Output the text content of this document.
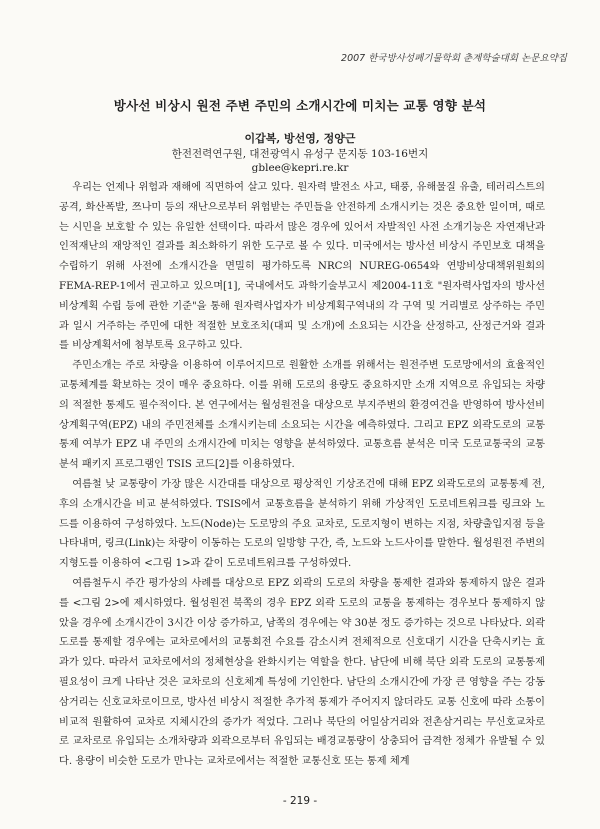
2007 한국방사성폐기물학회 춘계학술대회 논문요약집
방사선 비상시 원전 주변 주민의 소개시간에 미치는 교통 영향 분석
이갑복, 방선영, 정양근
한전전력연구원, 대전광역시 유성구 문지동 103-16번지
gblee@kepri.re.kr

우리는 언제나 위험과 재해에 직면하여 살고 있다. 원자력 발전소 사고, 태풍, 유해물질 유출, 테러리스트의 공격, 화산폭발, 쯔나미 등의 재난으로부터 위험받는 주민들을 안전하게 소개시키는 것은 중요한 일이며, 때로는 시민을 보호할 수 있는 유일한 선택이다. 따라서 많은 경우에 있어서 자발적인 사전 소개기능은 자연재난과 인적재난의 재앙적인 결과를 최소화하기 위한 도구로 볼 수 있다. 미국에서는 방사선 비상시 주민보호 대책을 수립하기 위해 사전에 소개시간을 면밀히 평가하도록 NRC의 NUREG-0654와 연방비상대책위원회의 FEMA-REP-1에서 권고하고 있으며[1], 국내에서도 과학기술부고시 제2004-11호 "원자력사업자의 방사선 비상계획 수립 등에 관한 기준"을 통해 원자력사업자가 비상계획구역내의 각 구역 및 거리별로 상주하는 주민과 일시 거주하는 주민에 대한 적절한 보호조치(대피 및 소개)에 소요되는 시간을 산정하고, 산정근거와 결과를 비상계획서에 첨부토록 요구하고 있다.

주민소개는 주로 차량을 이용하여 이루어지므로 원활한 소개를 위해서는 원전주변 도로망에서의 효율적인 교통체계를 확보하는 것이 매우 중요하다. 이를 위해 도로의 용량도 중요하지만 소개 지역으로 유입되는 차량의 적절한 통제도 필수적이다. 본 연구에서는 월성원전을 대상으로 부지주변의 환경여건을 반영하여 방사선비상계획구역(EPZ) 내의 주민전체를 소개시키는데 소요되는 시간을 예측하였다. 그리고 EPZ 외곽도로의 교통통제 여부가 EPZ 내 주민의 소개시간에 미치는 영향을 분석하였다. 교통흐름 분석은 미국 도로교통국의 교통분석 패키지 프로그램인 TSIS 코드[2]를 이용하였다.

여름철 낮 교통량이 가장 많은 시간대를 대상으로 평상적인 기상조건에 대해 EPZ 외곽도로의 교통통제 전, 후의 소개시간을 비교 분석하였다. TSIS에서 교통흐름을 분석하기 위해 가상적인 도로네트워크를 링크와 노드를 이용하여 구성하였다. 노드(Node)는 도로망의 주요 교차로, 도로지형이 변하는 지점, 차량출입지점 등을 나타내며, 링크(Link)는 차량이 이동하는 도로의 일방향 구간, 즉, 노드와 노드사이를 말한다. 월성원전 주변의 지형도를 이용하여 <그림 1>과 같이 도로네트워크를 구성하였다.

여름철두시 주간 평가상의 사례를 대상으로 EPZ 외곽의 도로의 차량을 통제한 결과와 통제하지 않은 결과를 <그림 2>에 제시하였다. 월성원전 북쪽의 경우 EPZ 외곽 도로의 교통을 통제하는 경우보다 통제하지 않았을 경우에 소개시간이 3시간 이상 증가하고, 남쪽의 경우에는 약 30분 정도 증가하는 것으로 나타났다. 외곽도로를 통제할 경우에는 교차로에서의 교통회전 수요를 감소시켜 전체적으로 신호대기 시간을 단축시키는 효과가 있다. 따라서 교차로에서의 정체현상을 완화시키는 역할을 한다. 남단에 비해 북단 외곽 도로의 교통통제 필요성이 크게 나타난 것은 교차로의 신호체계 특성에 기인한다. 남단의 소개시간에 가장 큰 영향을 주는 강동삼거리는 신호교차로이므로, 방사선 비상시 적절한 추가적 통제가 주어지지 않더라도 교통 신호에 따라 소통이 비교적 원활하여 교차로 지체시간의 증가가 적었다. 그러나 북단의 어일삼거리와 전촌삼거리는 무신호교차로로 교차로로 유입되는 소개차량과 외곽으로부터 유입되는 배경교통량이 상충되어 급격한 정체가 유발될 수 있다. 용량이 비슷한 도로가 만나는 교차로에서는 적절한 교통신호 또는 통제 체계

- 219 -
